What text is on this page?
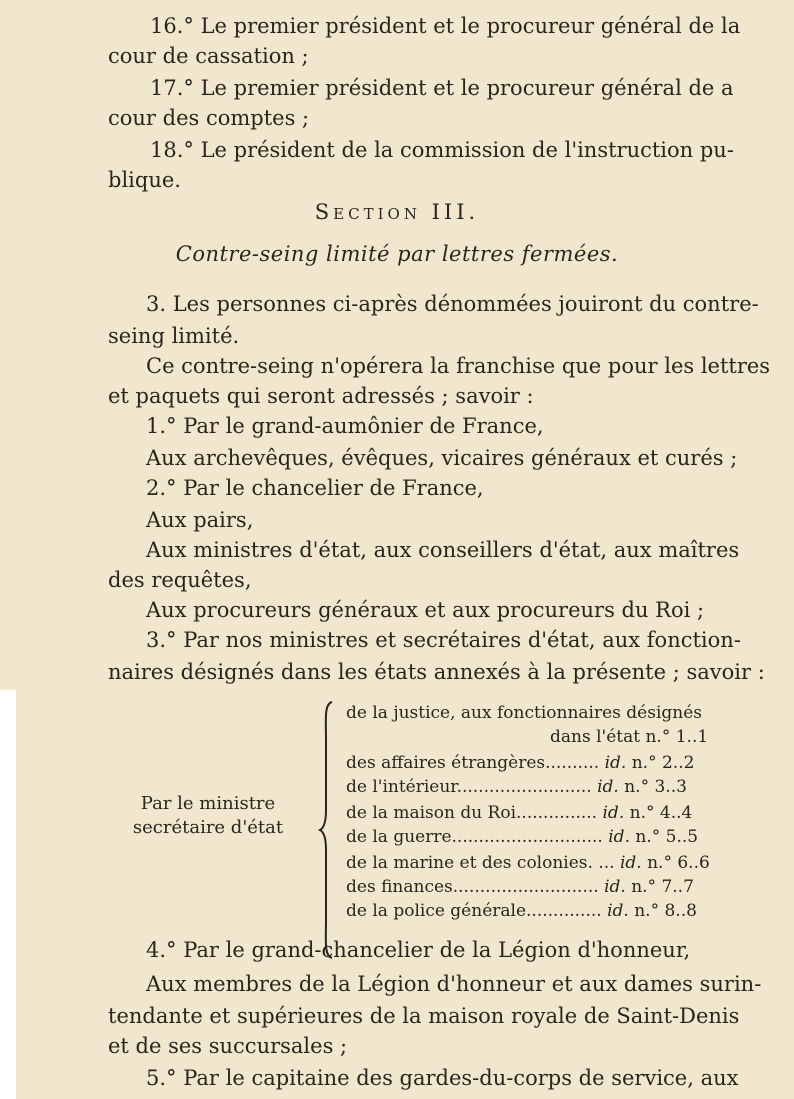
16.° Le premier président et le procureur général de la
cour de cassation ;
17.° Le premier président et le procureur général de a
cour des comptes ;
18.° Le président de la commission de l'instruction pu-
blique.
Section III.
Contre-seing limité par lettres fermées.
3. Les personnes ci-après dénommées jouiront du contre-
seing limité.
Ce contre-seing n'opérera la franchise que pour les lettres
et paquets qui seront adressés ; savoir :
1.° Par le grand-aumônier de France,
Aux archevêques, évêques, vicaires généraux et curés ;
2.° Par le chancelier de France,
Aux pairs,
Aux ministres d'état, aux conseillers d'état, aux maîtres
des requêtes,
Aux procureurs généraux et aux procureurs du Roi ;
3.° Par nos ministres et secrétaires d'état, aux fonction-
naires désignés dans les états annexés à la présente ; savoir :
Par le ministre
secrétaire d'état
de la justice, aux fonctionnaires désignés
dans l'état n.° 1..1
des affaires étrangères.......... id. n.° 2..2
de l'intérieur......................... id. n.° 3..3
de la maison du Roi............... id. n.° 4..4
de la guerre............................ id. n.° 5..5
de la marine et des colonies. ... id. n.° 6..6
des finances........................... id. n.° 7..7
de la police générale.............. id. n.° 8..8
4.° Par le grand-chancelier de la Légion d'honneur,
Aux membres de la Légion d'honneur et aux dames surin-
tendante et supérieures de la maison royale de Saint-Denis
et de ses succursales ;
5.° Par le capitaine des gardes-du-corps de service, aux
